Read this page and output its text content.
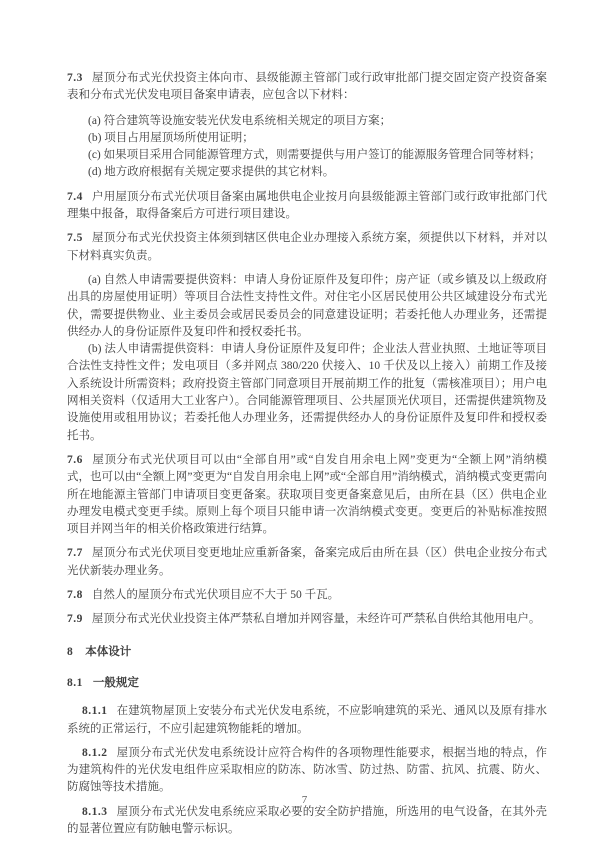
7.3 屋顶分布式光伏投资主体向市、县级能源主管部门或行政审批部门提交固定资产投资备案表和分布式光伏发电项目备案申请表，应包含以下材料：

(a) 符合建筑等设施安装光伏发电系统相关规定的项目方案；

(b) 项目占用屋顶场所使用证明；

(c) 如果项目采用合同能源管理方式，则需要提供与用户签订的能源服务管理合同等材料；

(d) 地方政府根据有关规定要求提供的其它材料。

7.4 户用屋顶分布式光伏项目备案由属地供电企业按月向县级能源主管部门或行政审批部门代理集中报备，取得备案后方可进行项目建设。

7.5 屋顶分布式光伏投资主体须到辖区供电企业办理接入系统方案，须提供以下材料，并对以下材料真实负责。

(a) 自然人申请需要提供资料：申请人身份证原件及复印件；房产证（或乡镇及以上级政府出具的房屋使用证明）等项目合法性支持性文件。对住宅小区居民使用公共区域建设分布式光伏，需要提供物业、业主委员会或居民委员会的同意建设证明；若委托他人办理业务，还需提供经办人的身份证原件及复印件和授权委托书。

(b) 法人申请需提供资料：申请人身份证原件及复印件；企业法人营业执照、土地证等项目合法性支持性文件；发电项目（多并网点 380/220 伏接入、10 千伏及以上接入）前期工作及接入系统设计所需资料；政府投资主管部门同意项目开展前期工作的批复（需核准项目）；用户电网相关资料（仅适用大工业客户）。合同能源管理项目、公共屋顶光伏项目，还需提供建筑物及设施使用或租用协议；若委托他人办理业务，还需提供经办人的身份证原件及复印件和授权委托书。

7.6 屋顶分布式光伏项目可以由“全部自用”或“自发自用余电上网”变更为“全额上网”消纳模式，也可以由“全额上网”变更为“自发自用余电上网”或“全部自用”消纳模式，消纳模式变更需向所在地能源主管部门申请项目变更备案。获取项目变更备案意见后，由所在县（区）供电企业办理发电模式变更手续。原则上每个项目只能申请一次消纳模式变更。变更后的补贴标准按照项目并网当年的相关价格政策进行结算。

7.7 屋顶分布式光伏项目变更地址应重新备案，备案完成后由所在县（区）供电企业按分布式光伏新装办理业务。

7.8 自然人的屋顶分布式光伏项目应不大于 50 千瓦。

7.9 屋顶分布式光伏业投资主体严禁私自增加并网容量，未经许可严禁私自供给其他用电户。

8 本体设计

8.1 一般规定

8.1.1 在建筑物屋顶上安装分布式光伏发电系统，不应影响建筑的采光、通风以及原有排水系统的正常运行，不应引起建筑物能耗的增加。

8.1.2 屋顶分布式光伏发电系统设计应符合构件的各项物理性能要求，根据当地的特点，作为建筑构件的光伏发电组件应采取相应的防冻、防冰雪、防过热、防雷、抗风、抗震、防火、防腐蚀等技术措施。

8.1.3 屋顶分布式光伏发电系统应采取必要的安全防护措施，所选用的电气设备，在其外壳的显著位置应有防触电警示标识。

7
